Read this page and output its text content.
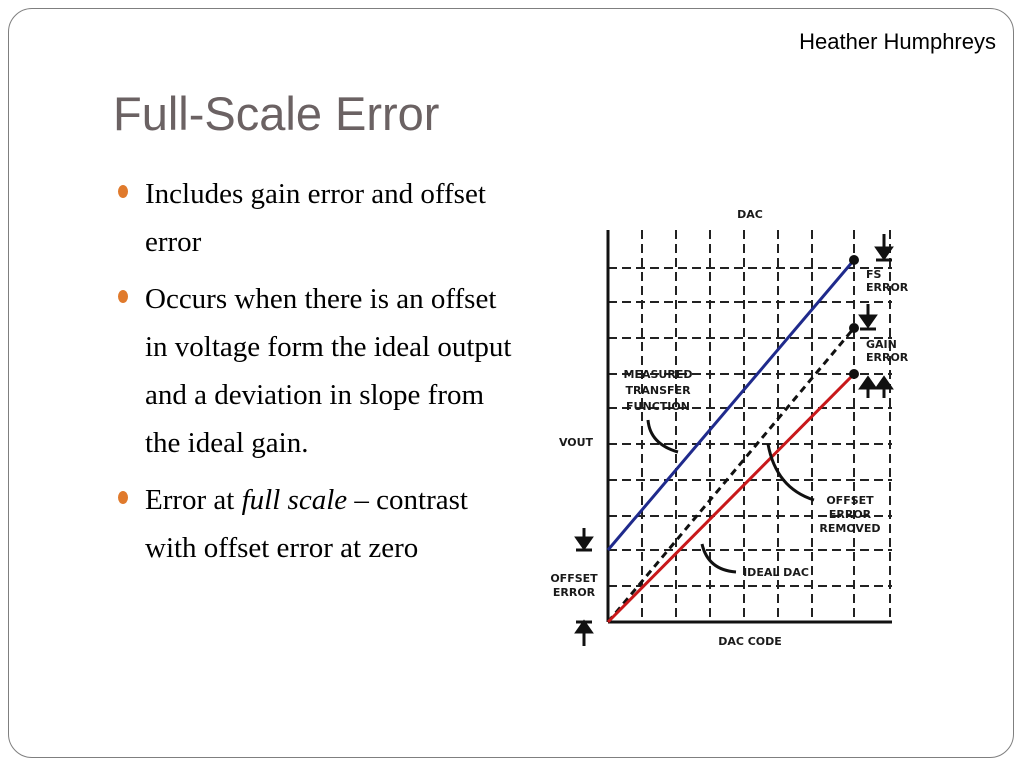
Heather Humphreys
Full-Scale Error
Includes gain error and offset error
Occurs when there is an offset in voltage form the ideal output and a deviation in slope from the ideal gain.
Error at full scale – contrast with offset error at zero
DAC
VOUT
DAC CODE
FS
ERROR
GAIN
ERROR
OFFSET
ERROR
MEASURED
TRANSFER
FUNCTION
OFFSET
ERROR
REMOVED
IDEAL DAC
